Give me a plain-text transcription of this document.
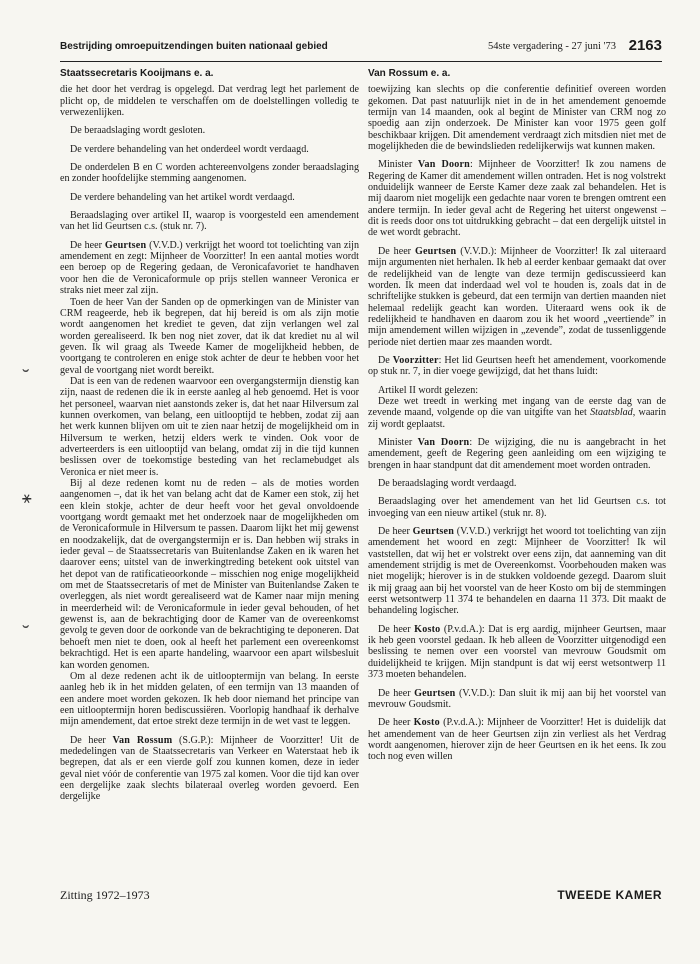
Bestrijding omroepuitzendingen buiten nationaal gebied	54ste vergadering - 27 juni '73 2163
Staatssecretaris Kooijmans e. a.

die het door het verdrag is opgelegd. Dat verdrag legt het parlement de plicht op, de middelen te verschaffen om de doelstellingen volledig te verwezenlijken.

De beraadslaging wordt gesloten.

De verdere behandeling van het onderdeel wordt verdaagd.

De onderdelen B en C worden achtereenvolgens zonder beraadslaging en zonder hoofdelijke stemming aangenomen.

De verdere behandeling van het artikel wordt verdaagd.

Beraadslaging over artikel II, waarop is voorgesteld een amendement van het lid Geurtsen c.s. (stuk nr. 7).

De heer Geurtsen (V.V.D.) verkrijgt het woord tot toelichting van zijn amendement en zegt: Mijnheer de Voorzitter! In een aantal moties wordt een beroep op de Regering gedaan, de Veronicafavoriet te handhaven voor hen die de Veronicaformule op prijs stellen wanneer Veronica er straks niet meer zal zijn.

Toen de heer Van der Sanden op de opmerkingen van de Minister van CRM reageerde, heb ik begrepen, dat hij bereid is om als zijn motie wordt aangenomen het krediet te geven, dat zijn verlangen wel zal worden gerealiseerd. Ik ben nog niet zover, dat ik dat krediet nu al wil geven. Ik wil graag als Tweede Kamer de mogelijkheid hebben, de voortgang te controleren en enige stok achter de deur te hebben voor het geval de voortgang niet wordt bereikt.

Dat is een van de redenen waarvoor een overgangstermijn dienstig kan zijn, naast de redenen die ik in eerste aanleg al heb genoemd. Het is voor het personeel, waarvan niet aanstonds zeker is, dat het naar Hilversum zal kunnen overkomen, van belang, een uitlooptijd te hebben, zodat zij aan het werk kunnen blijven om uit te zien naar hetzij de mogelijkheid om in Hilversum te werken, hetzij elders werk te vinden. Ook voor de adverteerders is een uitlooptijd van belang, omdat zij in die tijd kunnen beslissen over de toekomstige besteding van het reclamebudget als Veronica er niet meer is.

Bij al deze redenen komt nu de reden – als de moties worden aangenomen –, dat ik het van belang acht dat de Kamer een stok, zij het een klein stokje, achter de deur heeft voor het geval onvoldoende voortgang wordt gemaakt met het onderzoek naar de mogelijkheden om de Veronicaformule in Hilversum te passen. Daarom lijkt het mij gewenst en noodzakelijk, dat de overgangstermijn er is. Dan hebben wij straks in ieder geval – de Staatssecretaris van Buitenlandse Zaken en ik waren het daarover eens; uitstel van de inwerkingtreding betekent ook uitstel van het depot van de ratificatieoorkonde – misschien nog enige mogelijkheid om met de Staatssecretaris of met de Minister van Buitenlandse Zaken te overleggen, als niet wordt gerealiseerd wat de Kamer naar mijn mening in meerderheid wil: de Veronicaformule in ieder geval behouden, of het gewenst is, aan de bekrachtiging door de Kamer van de overeenkomst gevolg te geven door de oorkonde van de bekrachtiging te deponeren. Dat behoeft men niet te doen, ook al heeft het parlement een overeenkomst bekrachtigd. Het is een aparte handeling, waarvoor een apart wilsbesluit kan worden genomen.

Om al deze redenen acht ik de uitlooptermijn van belang. In eerste aanleg heb ik in het midden gelaten, of een termijn van 13 maanden of een andere moet worden gekozen. Ik heb door niemand het principe van een uitlooptermijn horen bediscussiëren. Voorlopig handhaaf ik derhalve mijn amendement, dat ertoe strekt deze termijn in de wet vast te leggen.

De heer Van Rossum (S.G.P.): Mijnheer de Voorzitter! Uit de mededelingen van de Staatssecretaris van Verkeer en Waterstaat heb ik begrepen, dat als er een vierde golf zou kunnen komen, deze in ieder geval niet vóór de conferentie van 1975 zal komen. Voor die tijd kan over een dergelijke zaak slechts bilateraal overleg worden gevoerd. Een dergelijke

Van Rossum e. a.

toewijzing kan slechts op die conferentie definitief overeen worden gekomen. Dat past natuurlijk niet in de in het amendement genoemde termijn van 14 maanden, ook al begint de Minister van CRM nog zo spoedig aan zijn onderzoek. De Minister kan voor 1975 geen golf beschikbaar krijgen. Dit amendement verdraagt zich mitsdien niet met de mogelijkheden die de bewindslieden redelijkerwijs wat kunnen maken.

Minister Van Doorn: Mijnheer de Voorzitter! Ik zou namens de Regering de Kamer dit amendement willen ontraden. Het is nog volstrekt onduidelijk wanneer de Eerste Kamer deze zaak zal behandelen. Het is mij daarom niet mogelijk een gedachte naar voren te brengen omtrent een andere termijn. In ieder geval acht de Regering het uiterst ongewenst – dit is reeds door ons tot uitdrukking gebracht – dat een dergelijk uitstel in de wet wordt gebracht.

De heer Geurtsen (V.V.D.): Mijnheer de Voorzitter! Ik zal uiteraard mijn argumenten niet herhalen. Ik heb al eerder kenbaar gemaakt dat over de redelijkheid van de lengte van deze termijn gediscussieerd kan worden. Ik meen dat inderdaad wel vol te houden is, zoals dat in de schriftelijke stukken is gebeurd, dat een termijn van dertien maanden niet helemaal redelijk geacht kan worden. Uiteraard wens ook ik de redelijkheid te handhaven en daarom zou ik het woord „veertiende” in mijn amendement willen wijzigen in „zevende”, zodat de tussenliggende periode niet dertien maar zes maanden wordt.

De Voorzitter: Het lid Geurtsen heeft het amendement, voorkomende op stuk nr. 7, in dier voege gewijzigd, dat het thans luidt:

Artikel II wordt gelezen:

Deze wet treedt in werking met ingang van de eerste dag van de zevende maand, volgende op die van uitgifte van het Staatsblad, waarin zij wordt geplaatst.

Minister Van Doorn: De wijziging, die nu is aangebracht in het amendement, geeft de Regering geen aanleiding om een wijziging te brengen in haar standpunt dat dit amendement moet worden ontraden.

De beraadslaging wordt verdaagd.

Beraadslaging over het amendement van het lid Geurtsen c.s. tot invoeging van een nieuw artikel (stuk nr. 8).

De heer Geurtsen (V.V.D.) verkrijgt het woord tot toelichting van zijn amendement het woord en zegt: Mijnheer de Voorzitter! Ik wil vaststellen, dat wij het er volstrekt over eens zijn, dat aanneming van dit amendement strijdig is met de Overeenkomst. Voorbehouden maken was niet mogelijk; hierover is in de stukken voldoende gezegd. Daarom sluit ik mij graag aan bij het voorstel van de heer Kosto om bij de stemmingen eerst wetsontwerp 11 374 te behandelen en daarna 11 373. Dit maakt de behandeling logischer.

De heer Kosto (P.v.d.A.): Dat is erg aardig, mijnheer Geurtsen, maar ik heb geen voorstel gedaan. Ik heb alleen de Voorzitter uitgenodigd een beslissing te nemen over een voorstel van mevrouw Goudsmit om duidelijkheid te krijgen. Mijn standpunt is dat wij eerst wetsontwerp 11 373 moeten behandelen.

De heer Geurtsen (V.V.D.): Dan sluit ik mij aan bij het voorstel van mevrouw Goudsmit.

De heer Kosto (P.v.d.A.): Mijnheer de Voorzitter! Het is duidelijk dat het amendement van de heer Geurtsen zijn zin verliest als het Verdrag wordt aangenomen, hierover zijn de heer Geurtsen en ik het eens. Ik zou toch nog even willen

˘
⚹
˘
Zitting 1972–1973	TWEEDE KAMER
